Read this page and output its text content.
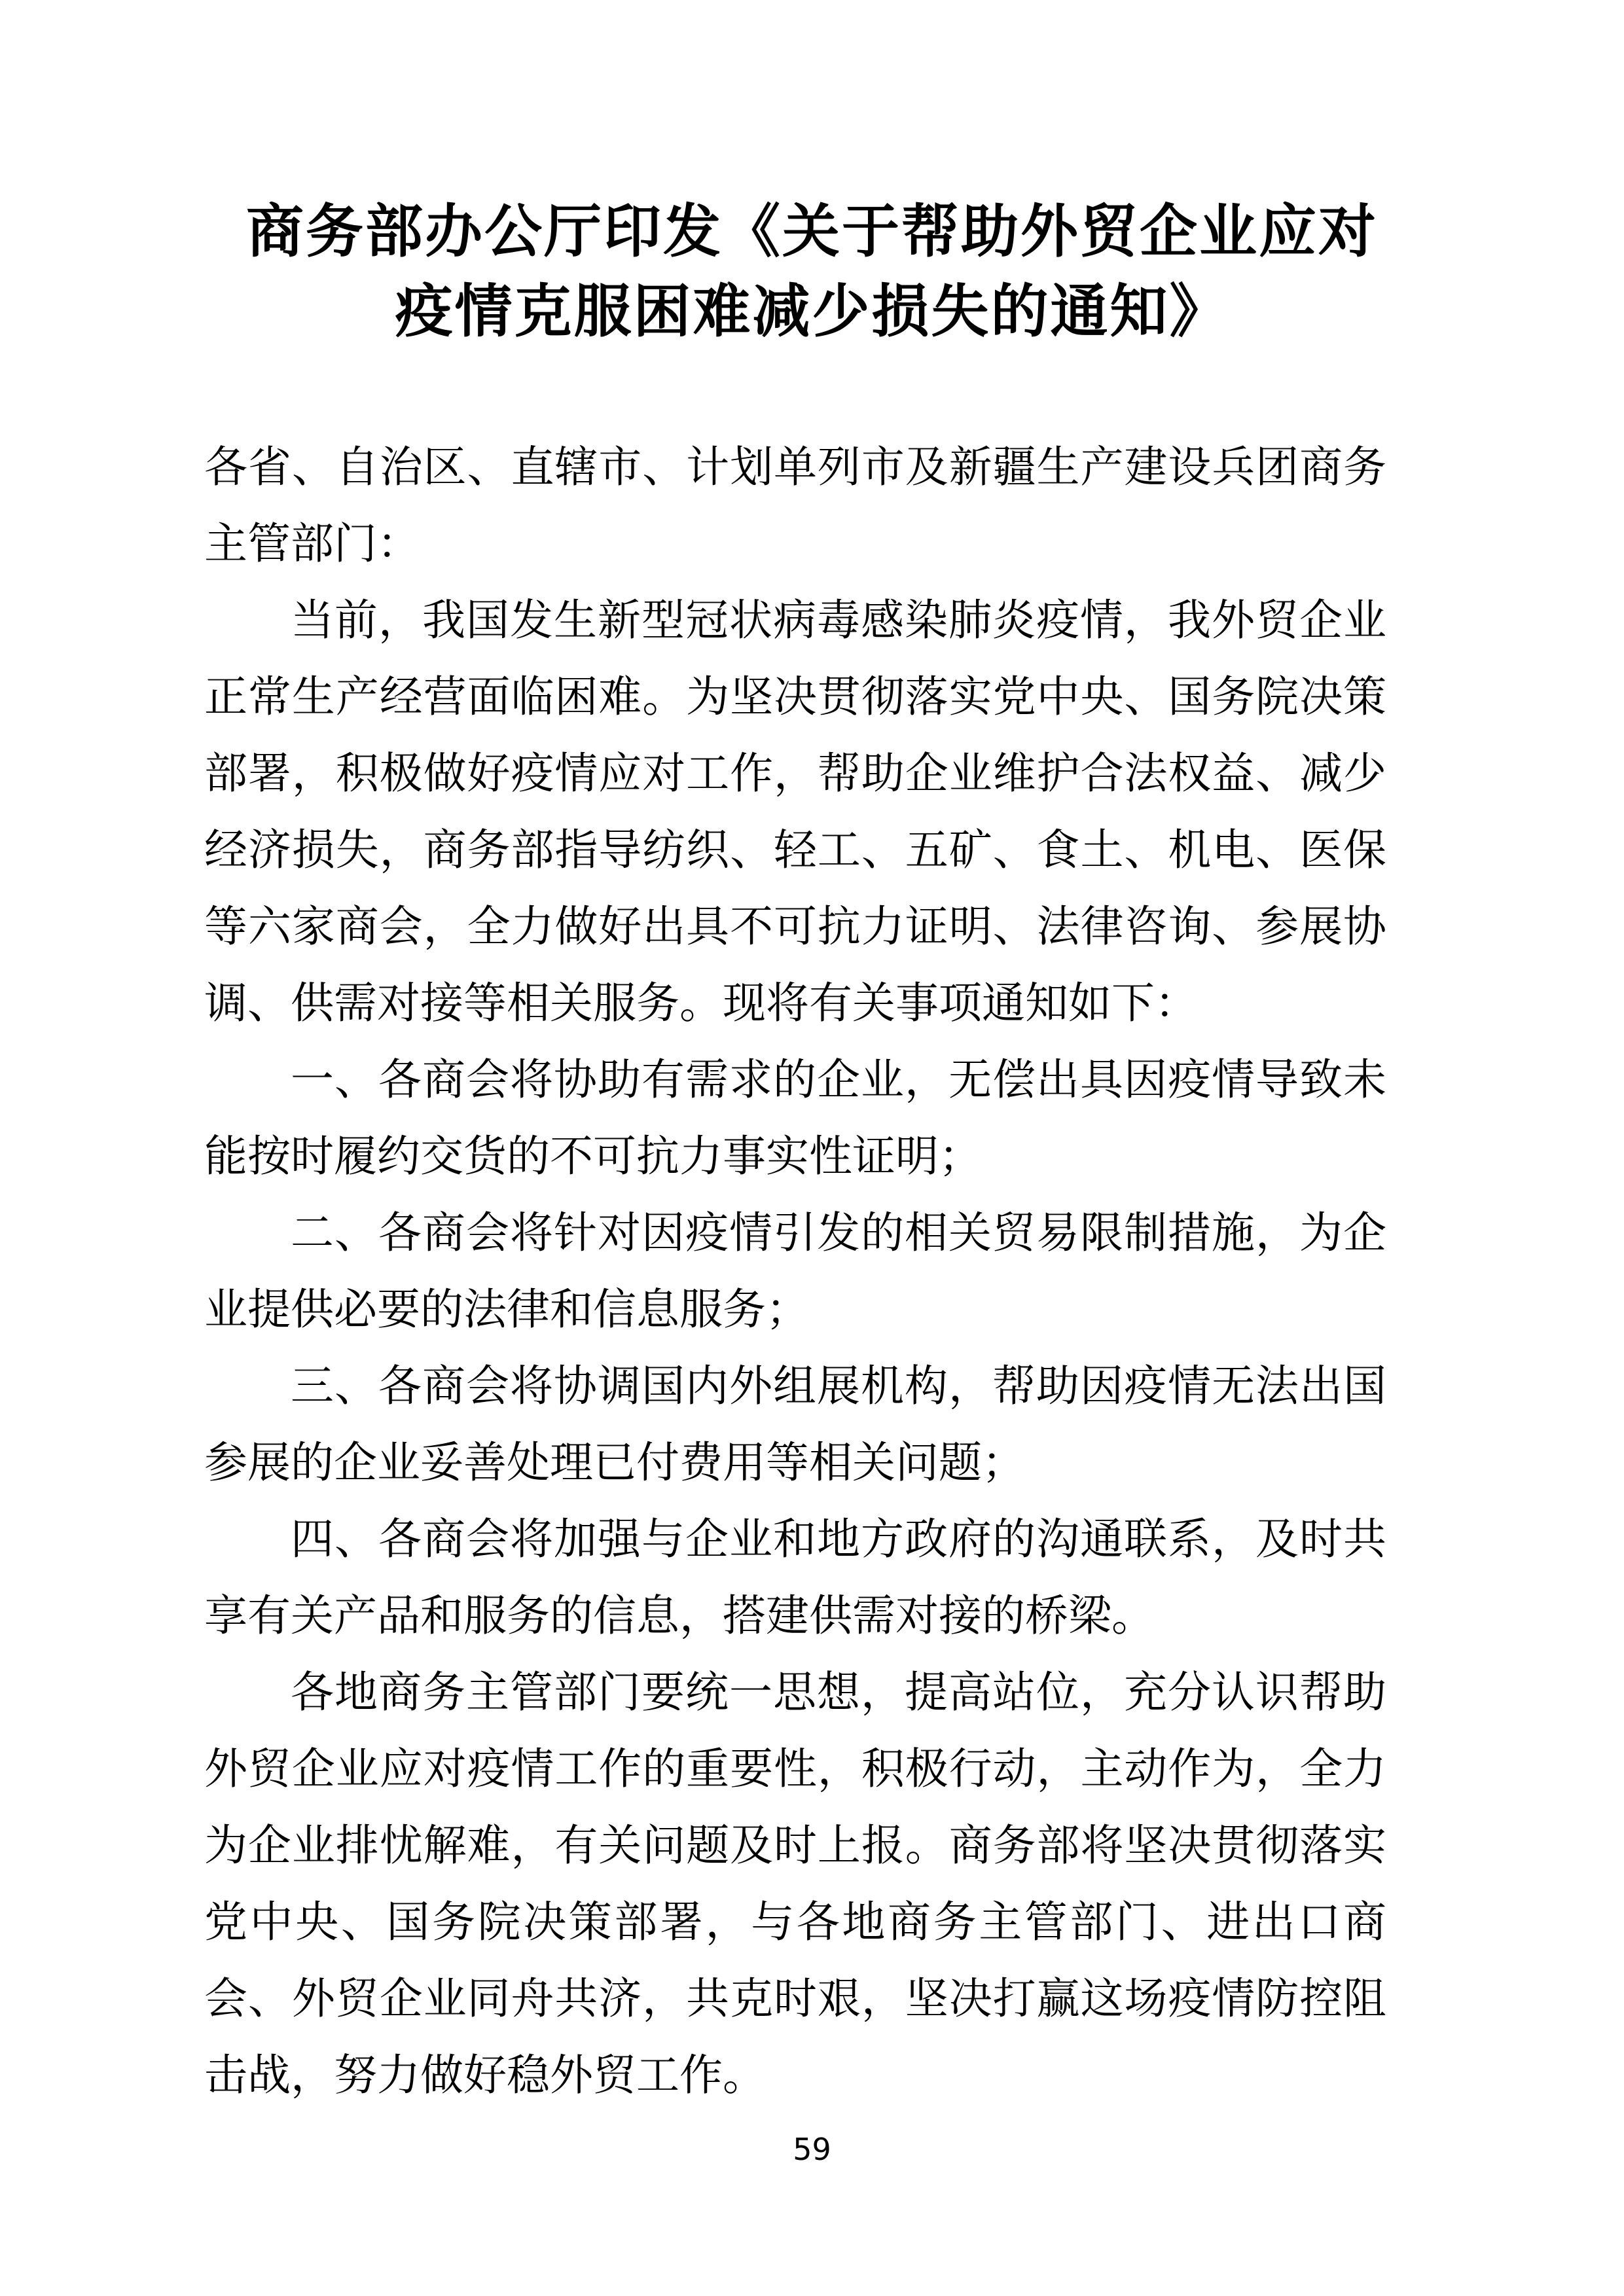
商务部办公厅印发《关于帮助外贸企业应对
疫情克服困难减少损失的通知》

各省、自治区、直辖市、计划单列市及新疆生产建设兵团商务主管部门：

当前，我国发生新型冠状病毒感染肺炎疫情，我外贸企业正常生产经营面临困难。为坚决贯彻落实党中央、国务院决策部署，积极做好疫情应对工作，帮助企业维护合法权益、减少经济损失，商务部指导纺织、轻工、五矿、食土、机电、医保等六家商会，全力做好出具不可抗力证明、法律咨询、参展协调、供需对接等相关服务。现将有关事项通知如下：

一、各商会将协助有需求的企业，无偿出具因疫情导致未能按时履约交货的不可抗力事实性证明；

二、各商会将针对因疫情引发的相关贸易限制措施，为企业提供必要的法律和信息服务；

三、各商会将协调国内外组展机构，帮助因疫情无法出国参展的企业妥善处理已付费用等相关问题；

四、各商会将加强与企业和地方政府的沟通联系，及时共享有关产品和服务的信息，搭建供需对接的桥梁。

各地商务主管部门要统一思想，提高站位，充分认识帮助外贸企业应对疫情工作的重要性，积极行动，主动作为，全力为企业排忧解难，有关问题及时上报。商务部将坚决贯彻落实党中央、国务院决策部署，与各地商务主管部门、进出口商会、外贸企业同舟共济，共克时艰，坚决打赢这场疫情防控阻击战，努力做好稳外贸工作。

59
